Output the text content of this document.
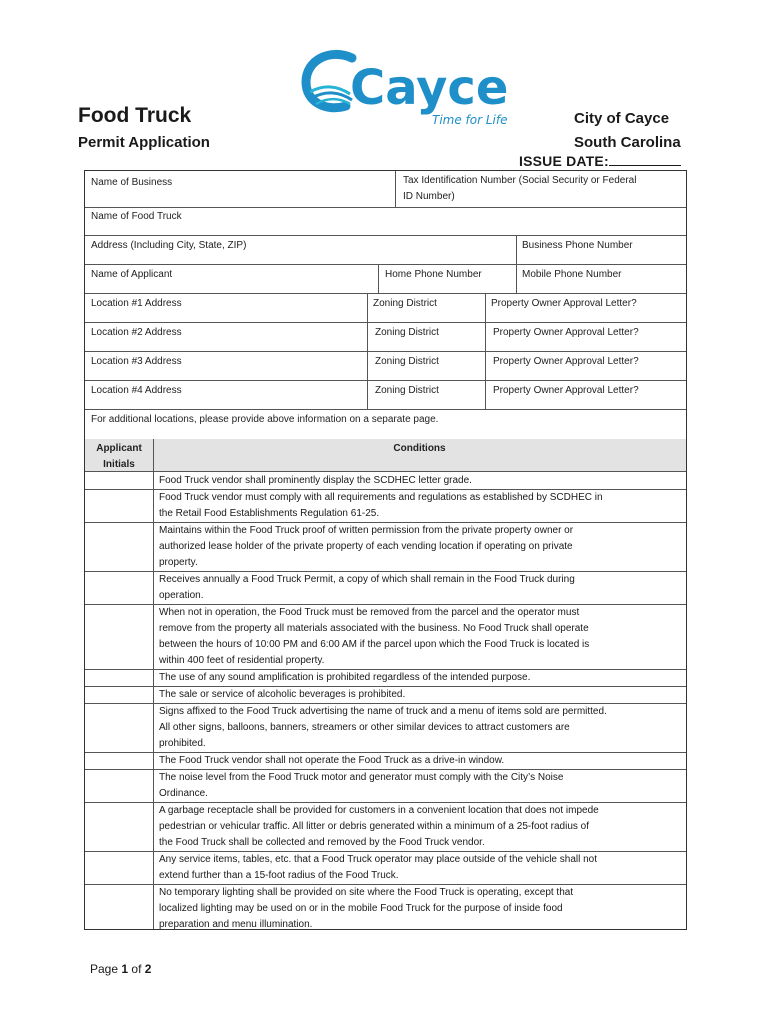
Food Truck
Permit Application
City of Cayce
South Carolina
ISSUE DATE:
Cayce
Time for Life
Name of Business	Tax Identification Number (Social Security or Federal
ID Number)
Name of Food Truck
Address (Including City, State, ZIP)	Business Phone Number
Name of Applicant	Home Phone Number	Mobile Phone Number
Location #1 Address	Zoning District	Property Owner Approval Letter?
Location #2 Address	Zoning District	Property Owner Approval Letter?
Location #3 Address	Zoning District	Property Owner Approval Letter?
Location #4 Address	Zoning District	Property Owner Approval Letter?
For additional locations, please provide above information on a separate page.
Applicant
Initials
Conditions
Food Truck vendor shall prominently display the SCDHEC letter grade.
Food Truck vendor must comply with all requirements and regulations as established by SCDHEC in
the Retail Food Establishments Regulation 61-25.
Maintains within the Food Truck proof of written permission from the private property owner or
authorized lease holder of the private property of each vending location if operating on private
property.
Receives annually a Food Truck Permit, a copy of which shall remain in the Food Truck during
operation.
When not in operation, the Food Truck must be removed from the parcel and the operator must
remove from the property all materials associated with the business. No Food Truck shall operate
between the hours of 10:00 PM and 6:00 AM if the parcel upon which the Food Truck is located is
within 400 feet of residential property.
The use of any sound amplification is prohibited regardless of the intended purpose.
The sale or service of alcoholic beverages is prohibited.
Signs affixed to the Food Truck advertising the name of truck and a menu of items sold are permitted.
All other signs, balloons, banners, streamers or other similar devices to attract customers are
prohibited.
The Food Truck vendor shall not operate the Food Truck as a drive-in window.
The noise level from the Food Truck motor and generator must comply with the City’s Noise
Ordinance.
A garbage receptacle shall be provided for customers in a convenient location that does not impede
pedestrian or vehicular traffic. All litter or debris generated within a minimum of a 25-foot radius of
the Food Truck shall be collected and removed by the Food Truck vendor.
Any service items, tables, etc. that a Food Truck operator may place outside of the vehicle shall not
extend further than a 15-foot radius of the Food Truck.
No temporary lighting shall be provided on site where the Food Truck is operating, except that
localized lighting may be used on or in the mobile Food Truck for the purpose of inside food
preparation and menu illumination.
Page 1 of 2
